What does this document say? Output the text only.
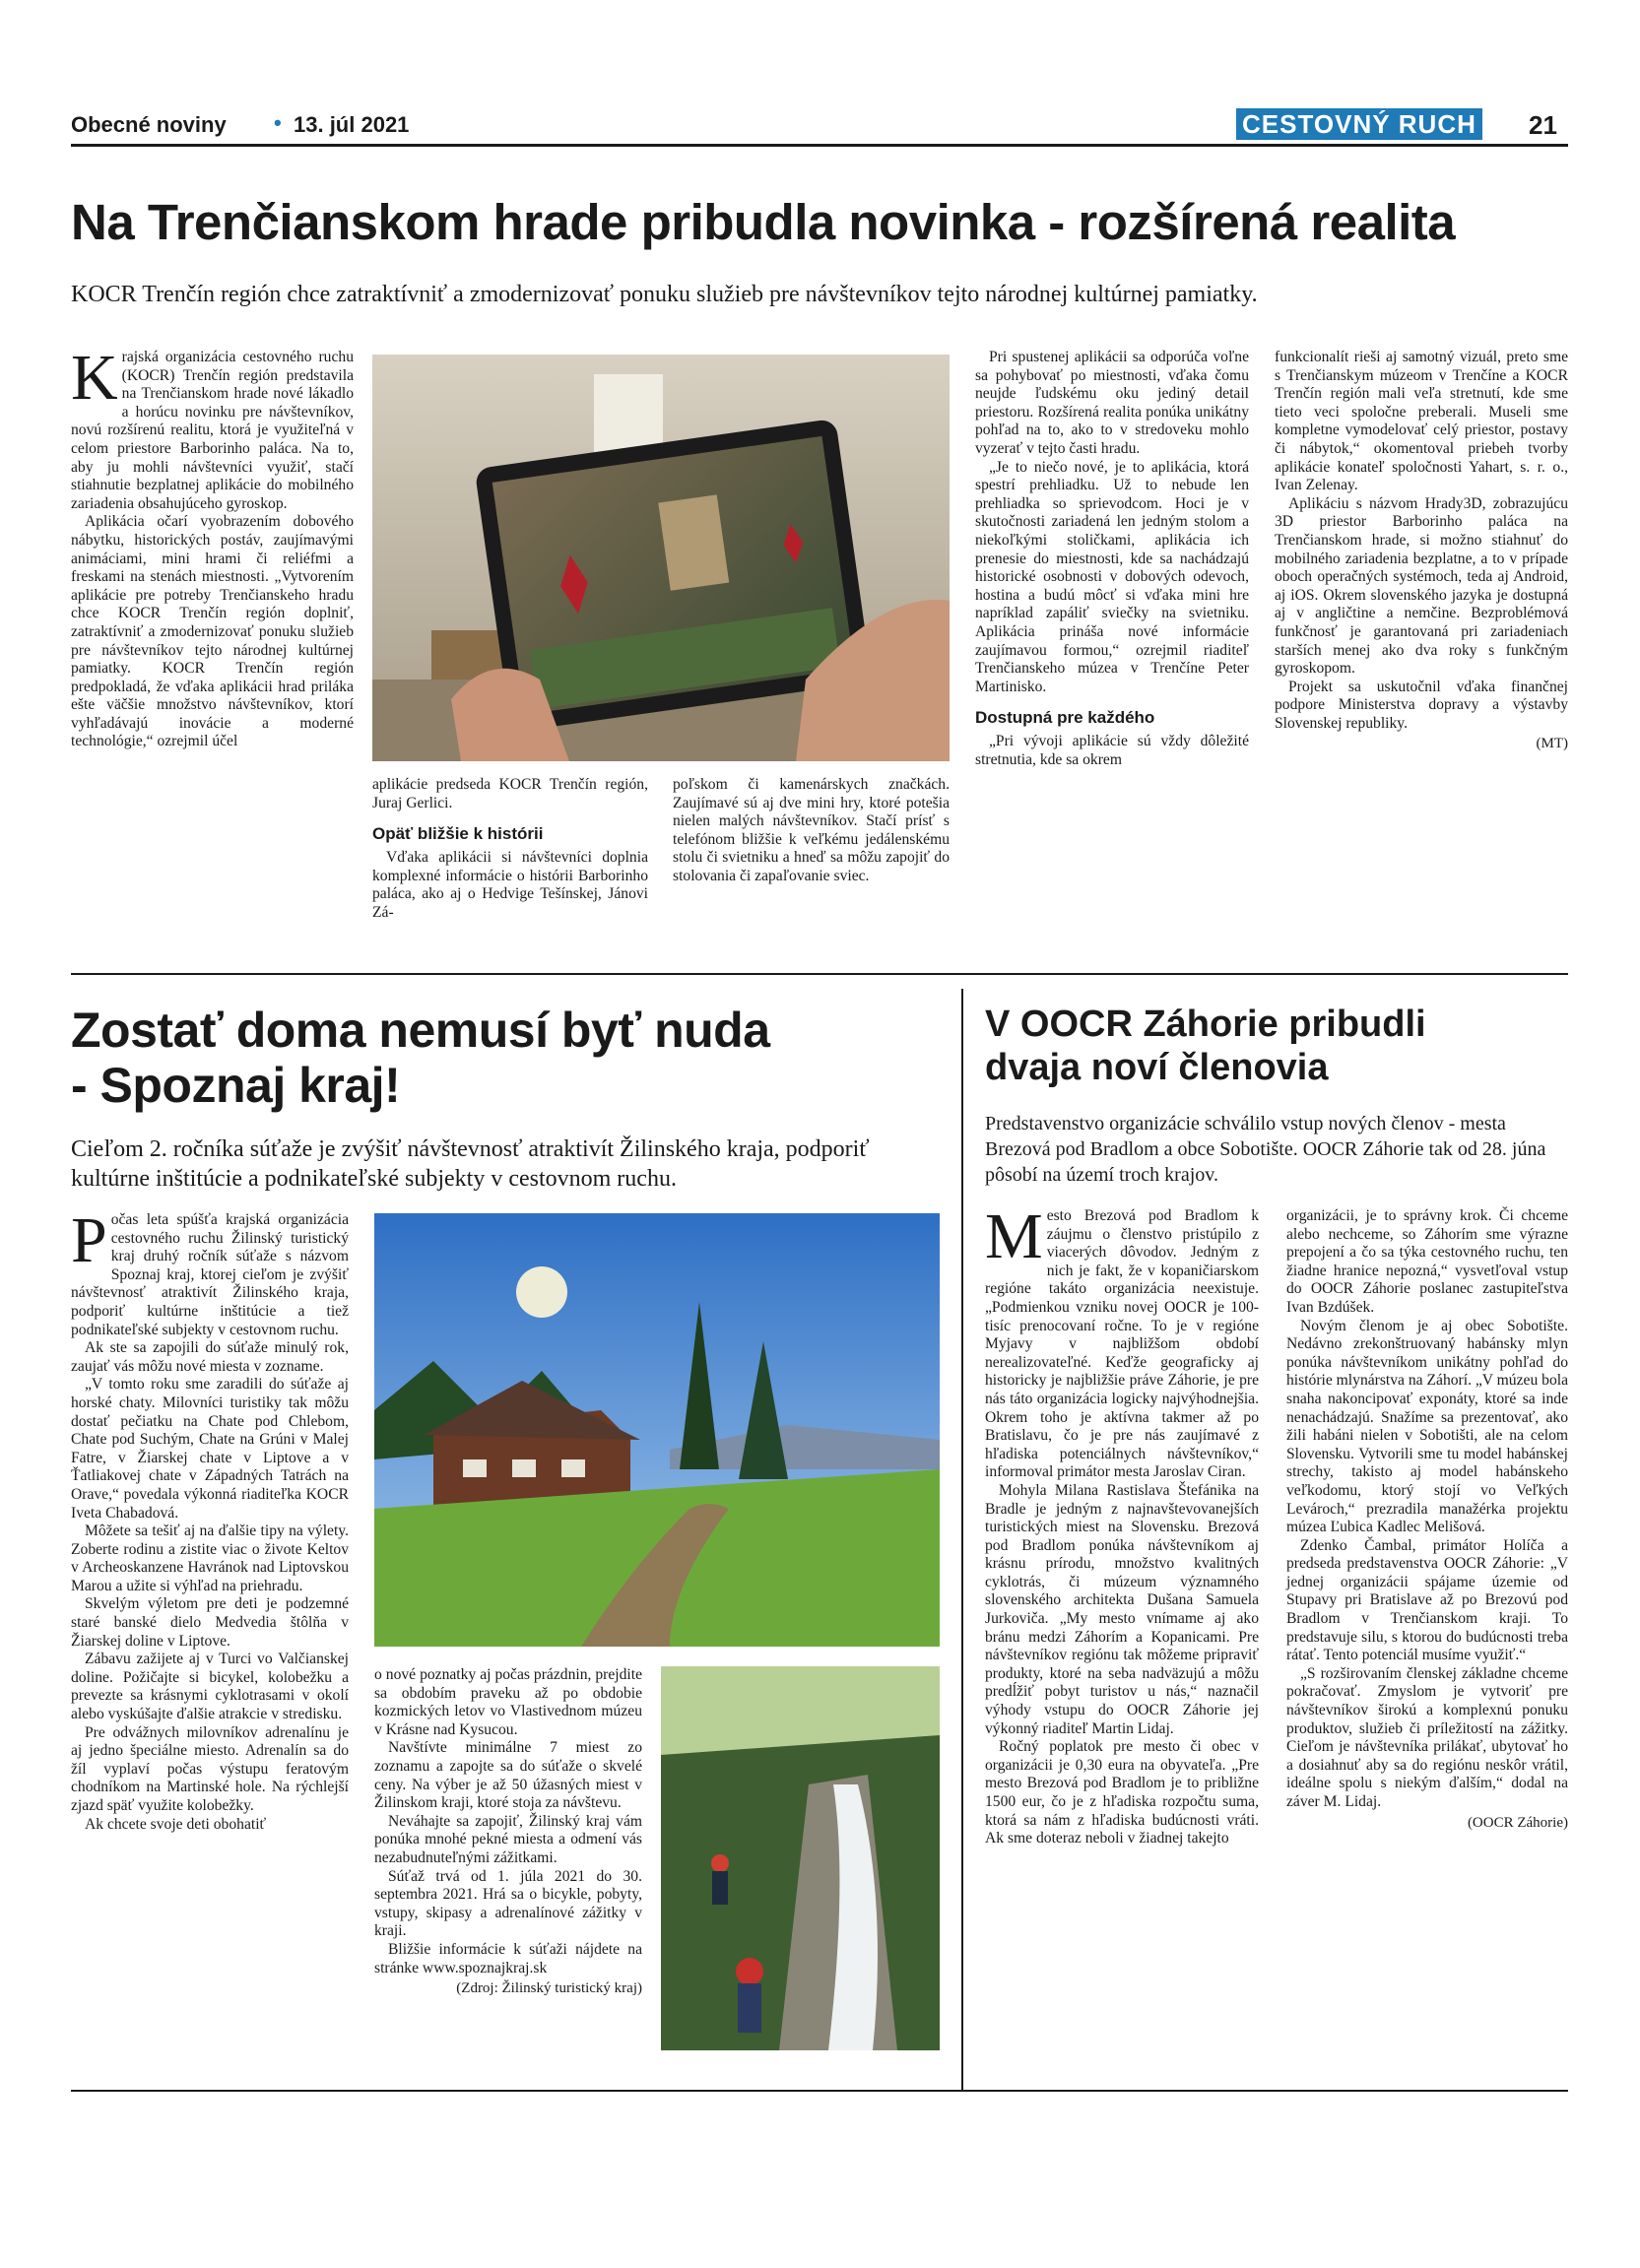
Obecné noviny • 13. júl 2021	CESTOVNÝ RUCH 21
Na Trenčianskom hrade pribudla novinka - rozšírená realita
KOCR Trenčín región chce zatraktívniť a zmodernizovať ponuku služieb pre návštevníkov tejto národnej kultúrnej pamiatky.

Krajská organizácia cestovného ruchu (KOCR) Trenčín región predstavila na Trenčianskom hrade nové lákadlo a horúcu novinku pre návštevníkov, novú rozšírenú realitu, ktorá je využiteľná v celom priestore Barborinho paláca. Na to, aby ju mohli návštevníci využiť, stačí stiahnutie bezplatnej aplikácie do mobilného zariadenia obsahujúceho gyroskop.

Aplikácia očarí vyobrazením dobového nábytku, historických postáv, zaujímavými animáciami, mini hrami či reliéfmi a freskami na stenách miestnosti. „Vytvorením aplikácie pre potreby Trenčianskeho hradu chce KOCR Trenčín región doplniť, zatraktívniť a zmodernizovať ponuku služieb pre návštevníkov tejto národnej kultúrnej pamiatky. KOCR Trenčín región predpokladá, že vďaka aplikácii hrad priláka ešte väčšie množstvo návštevníkov, ktorí vyhľadávajú inovácie a moderné technológie,“ ozrejmil účel

aplikácie predseda KOCR Trenčín región, Juraj Gerlici.

Opäť bližšie k histórii

Vďaka aplikácii si návštevníci doplnia komplexné informácie o histórii Barborinho paláca, ako aj o Hedvige Tešínskej, Jánovi Zá-

poľskom či kamenárskych značkách. Zaujímavé sú aj dve mini hry, ktoré potešia nielen malých návštevníkov. Stačí prísť s telefónom bližšie k veľkému jedálenskému stolu či svietniku a hneď sa môžu zapojiť do stolovania či zapaľovanie sviec.

Pri spustenej aplikácii sa odporúča voľne sa pohybovať po miestnosti, vďaka čomu neujde ľudskému oku jediný detail priestoru. Rozšírená realita ponúka unikátny pohľad na to, ako to v stredoveku mohlo vyzerať v tejto časti hradu.

„Je to niečo nové, je to aplikácia, ktorá spestrí prehliadku. Už to nebude len prehliadka so sprievodcom. Hoci je v skutočnosti zariadená len jedným stolom a niekoľkými stoličkami, aplikácia ich prenesie do miestnosti, kde sa nachádzajú historické osobnosti v dobových odevoch, hostina a budú môcť si vďaka mini hre napríklad zapáliť sviečky na svietniku. Aplikácia prináša nové informácie zaujímavou formou,“ ozrejmil riaditeľ Trenčianskeho múzea v Trenčíne Peter Martinisko.

Dostupná pre každého

„Pri vývoji aplikácie sú vždy dôležité stretnutia, kde sa okrem

funkcionalít rieši aj samotný vizuál, preto sme s Trenčianskym múzeom v Trenčíne a KOCR Trenčín región mali veľa stretnutí, kde sme tieto veci spoločne preberali. Museli sme kompletne vymodelovať celý priestor, postavy či nábytok,“ okomentoval priebeh tvorby aplikácie konateľ spoločnosti Yahart, s. r. o., Ivan Zelenay.

Aplikáciu s názvom Hrady3D, zobrazujúcu 3D priestor Barborinho paláca na Trenčianskom hrade, si možno stiahnuť do mobilného zariadenia bezplatne, a to v prípade oboch operačných systémoch, teda aj Android, aj iOS. Okrem slovenského jazyka je dostupná aj v angličtine a nemčine. Bezproblémová funkčnosť je garantovaná pri zariadeniach starších menej ako dva roky s funkčným gyroskopom.

Projekt sa uskutočnil vďaka finančnej podpore Ministerstva dopravy a výstavby Slovenskej republiky.

(MT)
Zostať doma nemusí byť nuda
- Spoznaj kraj!
Cieľom 2. ročníka súťaže je zvýšiť návštevnosť atraktivít Žilinského kraja, podporiť kultúrne inštitúcie a podnikateľské subjekty v cestovnom ruchu.

Počas leta spúšťa krajská organizácia cestovného ruchu Žilinský turistický kraj druhý ročník súťaže s názvom Spoznaj kraj, ktorej cieľom je zvýšiť návštevnosť atraktivít Žilinského kraja, podporiť kultúrne inštitúcie a tiež podnikateľské subjekty v cestovnom ruchu.

Ak ste sa zapojili do súťaže minulý rok, zaujať vás môžu nové miesta v zozname.

„V tomto roku sme zaradili do súťaže aj horské chaty. Milovníci turistiky tak môžu dostať pečiatku na Chate pod Chlebom, Chate pod Suchým, Chate na Grúni v Malej Fatre, v Žiarskej chate v Liptove a v Ťatliakovej chate v Západných Tatrách na Orave,“ povedala výkonná riaditeľka KOCR Iveta Chabadová.

Môžete sa tešiť aj na ďalšie tipy na výlety. Zoberte rodinu a zistite viac o živote Keltov v Archeoskanzene Havránok nad Liptovskou Marou a užite si výhľad na priehradu.

Skvelým výletom pre deti je podzemné staré banské dielo Medvedia štôlňa v Žiarskej doline v Liptove.

Zábavu zažijete aj v Turci vo Valčianskej doline. Požičajte si bicykel, kolobežku a prevezte sa krásnymi cyklotrasami v okolí alebo vyskúšajte ďalšie atrakcie v stredisku.

Pre odvážnych milovníkov adrenalínu je aj jedno špeciálne miesto. Adrenalín sa do žíl vyplaví počas výstupu feratovým chodníkom na Martinské hole. Na rýchlejší zjazd späť využite kolobežky.

Ak chcete svoje deti obohatiť

o nové poznatky aj počas prázdnin, prejdite sa obdobím praveku až po obdobie kozmických letov vo Vlastivednom múzeu v Krásne nad Kysucou.

Navštívte minimálne 7 miest zo zoznamu a zapojte sa do súťaže o skvelé ceny. Na výber je až 50 úžasných miest v Žilinskom kraji, ktoré stoja za návštevu.

Neváhajte sa zapojiť, Žilinský kraj vám ponúka mnohé pekné miesta a odmení vás nezabudnuteľnými zážitkami.

Súťaž trvá od 1. júla 2021 do 30. septembra 2021. Hrá sa o bicykle, pobyty, vstupy, skipasy a adrenalínové zážitky v kraji.

Bližšie informácie k súťaži nájdete na stránke www.spoznajkraj.sk

(Zdroj: Žilinský turistický kraj)
V OOCR Záhorie pribudli
dvaja noví členovia
Predstavenstvo organizácie schválilo vstup nových členov - mesta Brezová pod Bradlom a obce Sobotište. OOCR Záhorie tak od 28. júna pôsobí na území troch krajov.

Mesto Brezová pod Bradlom k záujmu o členstvo pristúpilo z viacerých dôvodov. Jedným z nich je fakt, že v kopaničiarskom regióne takáto organizácia neexistuje. „Podmienkou vzniku novej OOCR je 100-tisíc prenocovaní ročne. To je v regióne Myjavy v najbližšom období nerealizovateľné. Keďže geograficky aj historicky je najbližšie práve Záhorie, je pre nás táto organizácia logicky najvýhodnejšia. Okrem toho je aktívna takmer až po Bratislavu, čo je pre nás zaujímavé z hľadiska potenciálnych návštevníkov,“ informoval primátor mesta Jaroslav Ciran.

Mohyla Milana Rastislava Štefánika na Bradle je jedným z najnavštevovanejších turistických miest na Slovensku. Brezová pod Bradlom ponúka návštevníkom aj krásnu prírodu, množstvo kvalitných cyklotrás, či múzeum významného slovenského architekta Dušana Samuela Jurkoviča. „My mesto vnímame aj ako bránu medzi Záhorím a Kopanicami. Pre návštevníkov regiónu tak môžeme pripraviť produkty, ktoré na seba nadväzujú a môžu predĺžiť pobyt turistov u nás,“ naznačil výhody vstupu do OOCR Záhorie jej výkonný riaditeľ Martin Lidaj.

Ročný poplatok pre mesto či obec v organizácii je 0,30 eura na obyvateľa. „Pre mesto Brezová pod Bradlom je to približne 1500 eur, čo je z hľadiska rozpočtu suma, ktorá sa nám z hľadiska budúcnosti vráti. Ak sme doteraz neboli v žiadnej takejto

organizácii, je to správny krok. Či chceme alebo nechceme, so Záhorím sme výrazne prepojení a čo sa týka cestovného ruchu, ten žiadne hranice nepozná,“ vysvetľoval vstup do OOCR Záhorie poslanec zastupiteľstva Ivan Bzdúšek.

Novým členom je aj obec Sobotište. Nedávno zrekonštruovaný habánsky mlyn ponúka návštevníkom unikátny pohľad do histórie mlynárstva na Záhorí. „V múzeu bola snaha nakoncipovať exponáty, ktoré sa inde nenachádzajú. Snažíme sa prezentovať, ako žili habáni nielen v Sobotišti, ale na celom Slovensku. Vytvorili sme tu model habánskej strechy, takisto aj model habánskeho veľkodomu, ktorý stojí vo Veľkých Levároch,“ prezradila manažérka projektu múzea Ľubica Kadlec Melišová.

Zdenko Čambal, primátor Holíča a predseda predstavenstva OOCR Záhorie: „V jednej organizácii spájame územie od Stupavy pri Bratislave až po Brezovú pod Bradlom v Trenčianskom kraji. To predstavuje silu, s ktorou do budúcnosti treba rátať. Tento potenciál musíme využiť.“

„S rozširovaním členskej základne chceme pokračovať. Zmyslom je vytvoriť pre návštevníkov širokú a komplexnú ponuku produktov, služieb či príležitostí na zážitky. Cieľom je návštevníka prilákať, ubytovať ho a dosiahnuť aby sa do regiónu neskôr vrátil, ideálne spolu s niekým ďalším,“ dodal na záver M. Lidaj.

(OOCR Záhorie)
